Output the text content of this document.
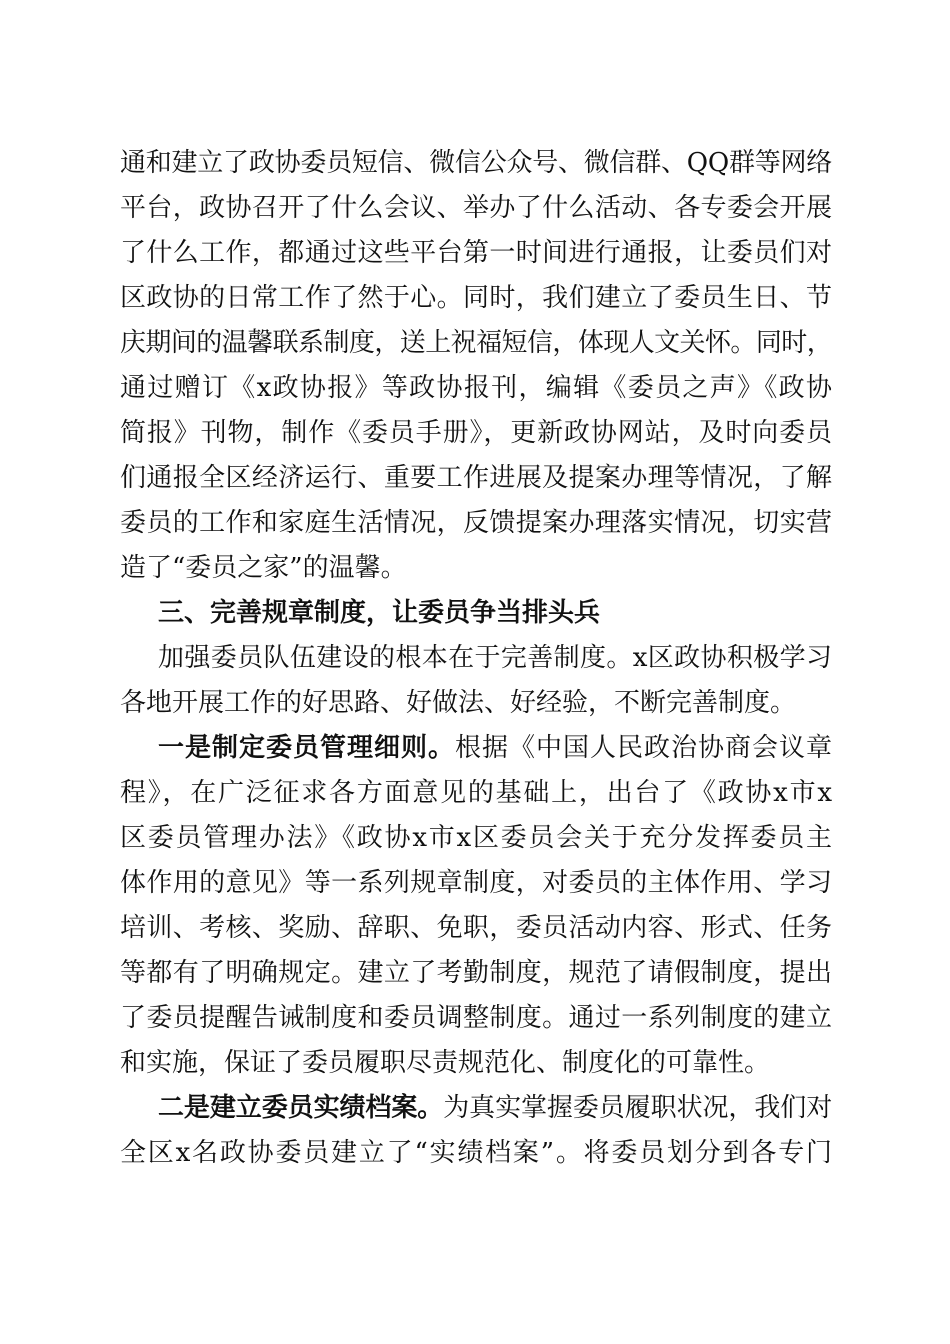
通和建立了政协委员短信、微信公众号、微信群、QQ群等网络
平台，政协召开了什么会议、举办了什么活动、各专委会开展
了什么工作，都通过这些平台第一时间进行通报，让委员们对
区政协的日常工作了然于心。同时，我们建立了委员生日、节
庆期间的温馨联系制度，送上祝福短信，体现人文关怀。同时，
通过赠订《x政协报》等政协报刊，编辑《委员之声》《政协
简报》刊物，制作《委员手册》，更新政协网站，及时向委员
们通报全区经济运行、重要工作进展及提案办理等情况，了解
委员的工作和家庭生活情况，反馈提案办理落实情况，切实营
造了“委员之家”的温馨。
三、完善规章制度，让委员争当排头兵
加强委员队伍建设的根本在于完善制度。x区政协积极学习
各地开展工作的好思路、好做法、好经验，不断完善制度。
一是制定委员管理细则。根据《中国人民政治协商会议章
程》，在广泛征求各方面意见的基础上，出台了《政协x市x
区委员管理办法》《政协x市x区委员会关于充分发挥委员主
体作用的意见》等一系列规章制度，对委员的主体作用、学习
培训、考核、奖励、辞职、免职，委员活动内容、形式、任务
等都有了明确规定。建立了考勤制度，规范了请假制度，提出
了委员提醒告诫制度和委员调整制度。通过一系列制度的建立
和实施，保证了委员履职尽责规范化、制度化的可靠性。
二是建立委员实绩档案。为真实掌握委员履职状况，我们对
全区x名政协委员建立了“实绩档案”。将委员划分到各专门
